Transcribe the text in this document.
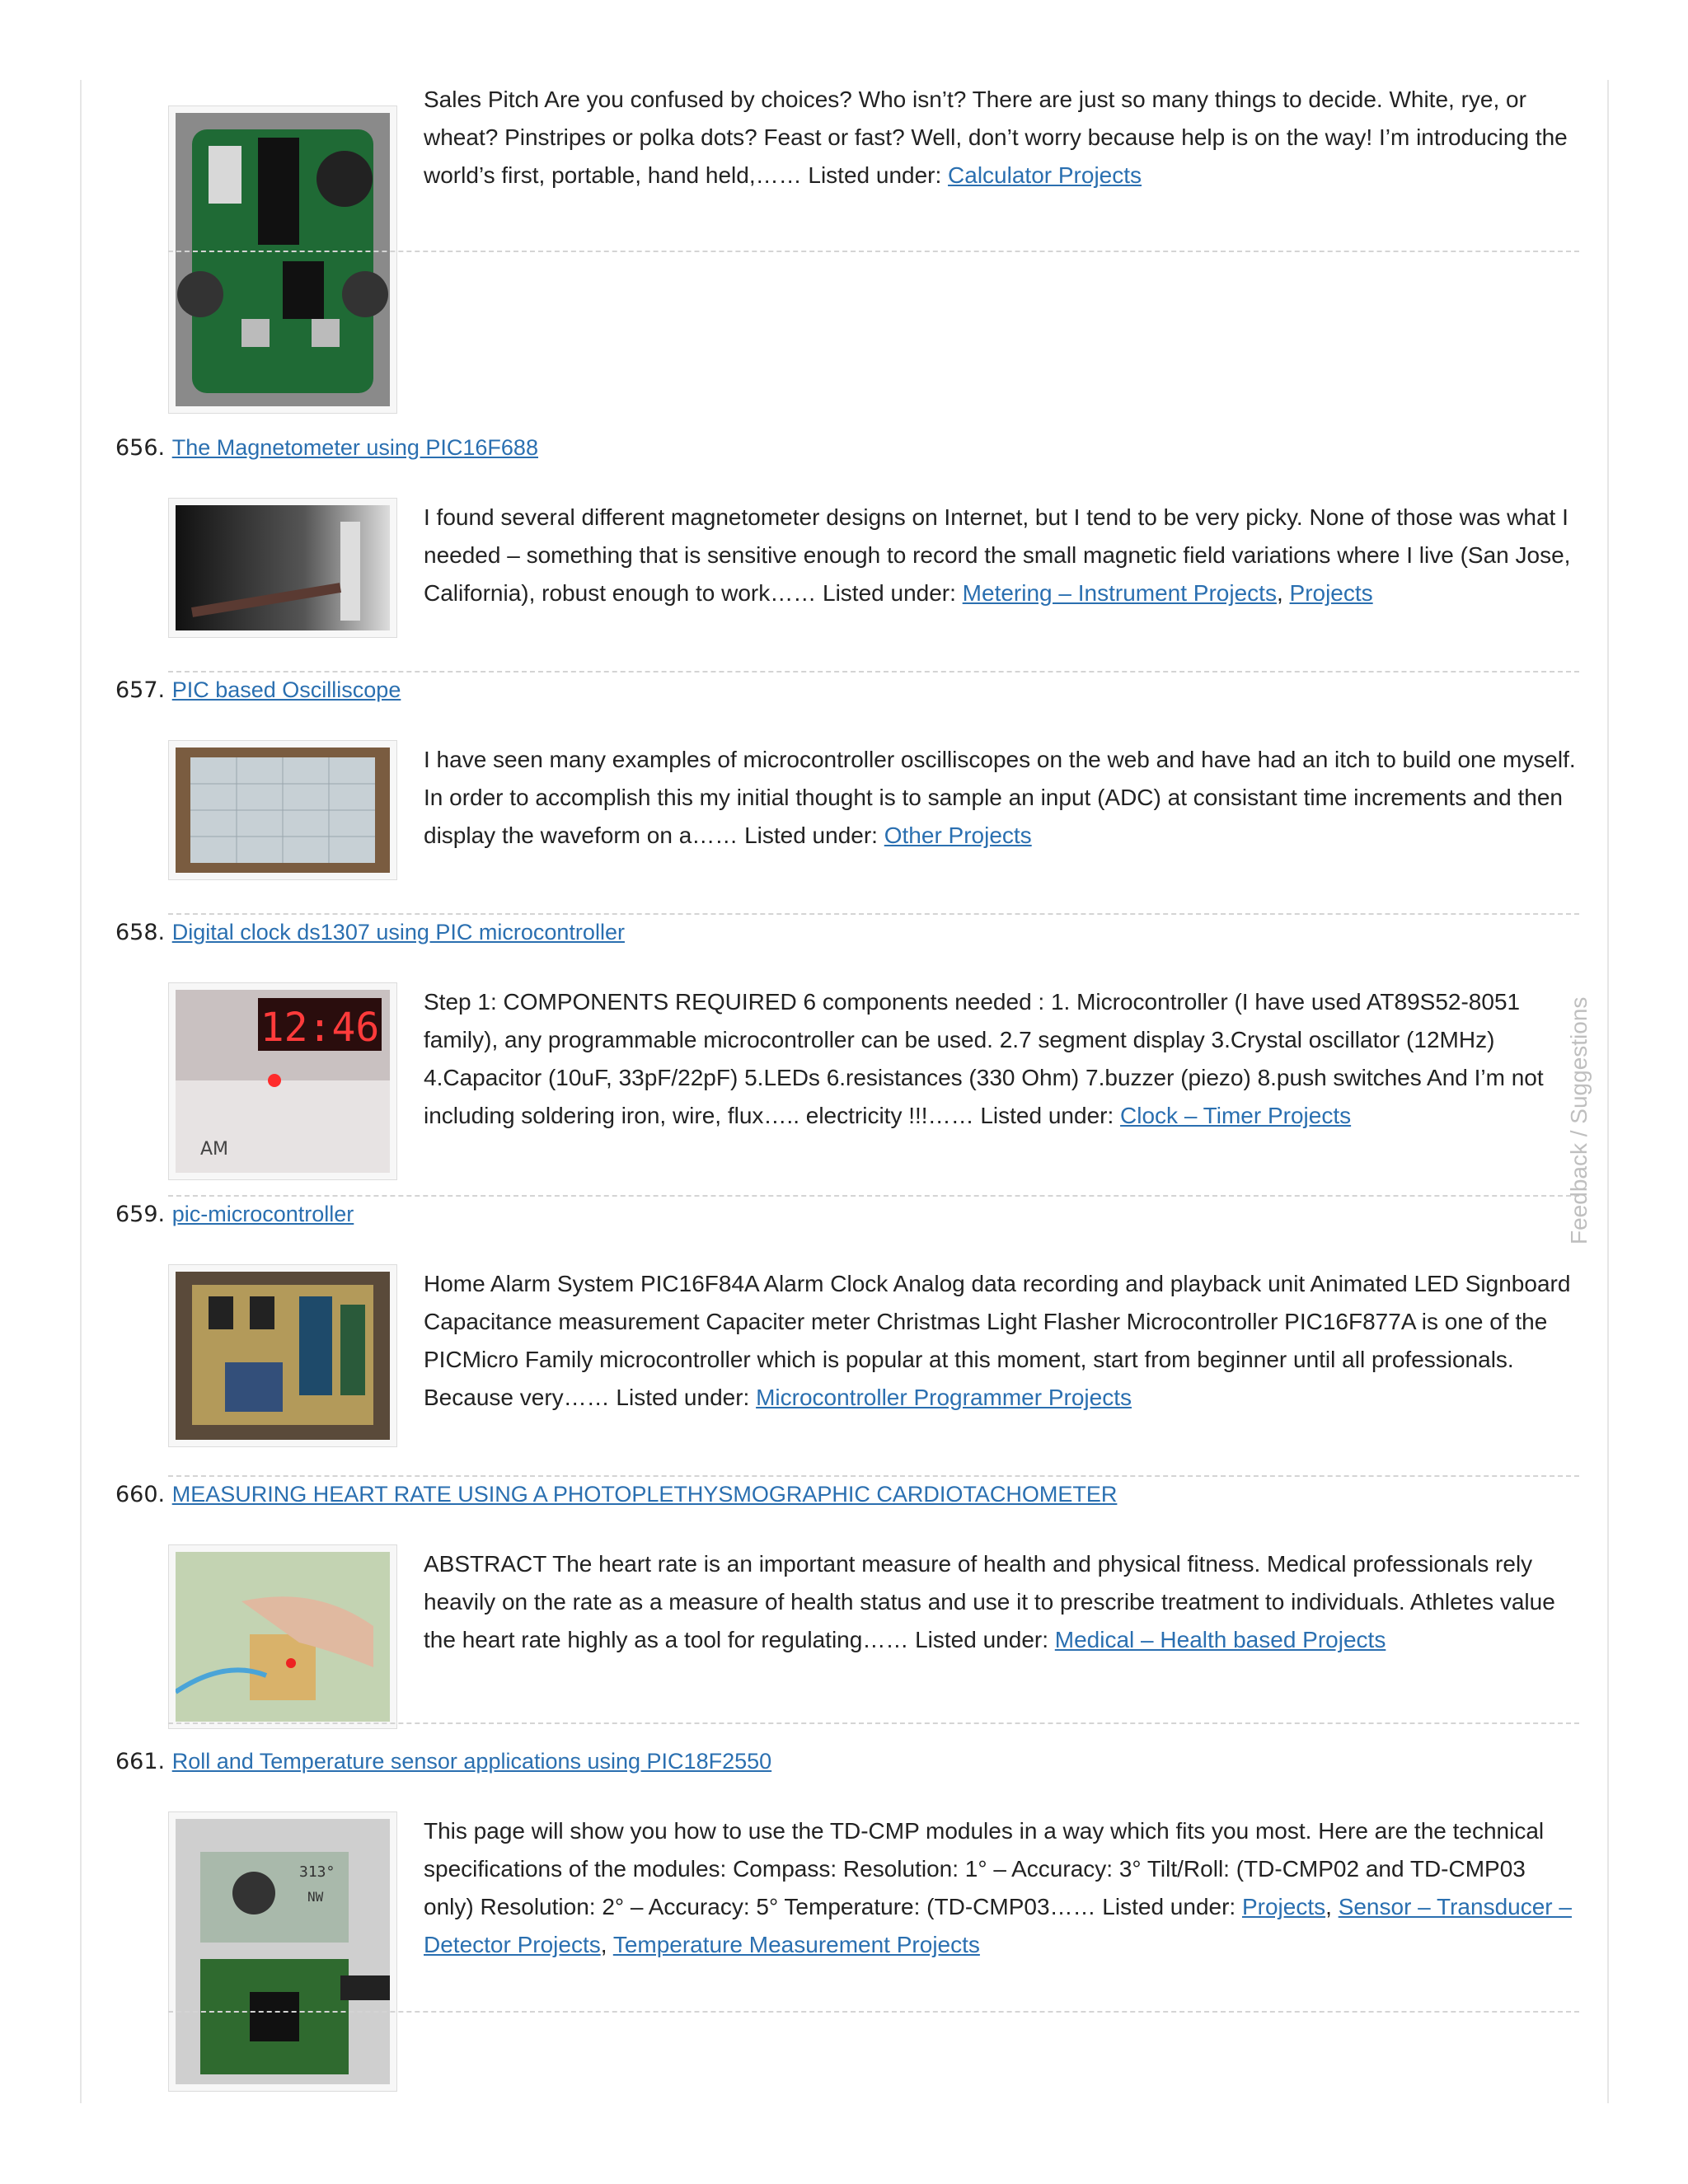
Sales Pitch Are you confused by choices? Who isn’t? There are just so many things to decide. White, rye, or wheat? Pinstripes or polka dots? Feast or fast? Well, don’t worry because help is on the way! I’m introducing the world’s first, portable, hand held,…… Listed under: Calculator Projects
656. The Magnetometer using PIC16F688
I found several different magnetometer designs on Internet, but I tend to be very picky. None of those was what I needed – something that is sensitive enough to record the small magnetic field variations where I live (San Jose, California), robust enough to work…… Listed under: Metering – Instrument Projects, Projects
657. PIC based Oscilliscope
I have seen many examples of microcontroller oscilliscopes on the web and have had an itch to build one myself. In order to accomplish this my initial thought is to sample an input (ADC) at consistant time increments and then display the waveform on a…… Listed under: Other Projects
658. Digital clock ds1307 using PIC microcontroller
12:46
AM
Step 1: COMPONENTS REQUIRED 6 components needed : 1. Microcontroller (I have used AT89S52-8051 family), any programmable microcontroller can be used. 2.7 segment display 3.Crystal oscillator (12MHz) 4.Capacitor (10uF, 33pF/22pF) 5.LEDs 6.resistances (330 Ohm) 7.buzzer (piezo) 8.push switches And I’m not including soldering iron, wire, flux….. electricity !!!…… Listed under: Clock – Timer Projects
659. pic-microcontroller
Home Alarm System PIC16F84A Alarm Clock Analog data recording and playback unit Animated LED Signboard Capacitance measurement Capaciter meter Christmas Light Flasher Microcontroller PIC16F877A is one of the PICMicro Family microcontroller which is popular at this moment, start from beginner until all professionals. Because very…… Listed under: Microcontroller Programmer Projects
660. MEASURING HEART RATE USING A PHOTOPLETHYSMOGRAPHIC CARDIOTACHOMETER
ABSTRACT The heart rate is an important measure of health and physical fitness. Medical professionals rely heavily on the rate as a measure of health status and use it to prescribe treatment to individuals. Athletes value the heart rate highly as a tool for regulating…… Listed under: Medical – Health based Projects
661. Roll and Temperature sensor applications using PIC18F2550
313°
NW
This page will show you how to use the TD-CMP modules in a way which fits you most. Here are the technical specifications of the modules: Compass: Resolution: 1° – Accuracy: 3° Tilt/Roll: (TD-CMP02 and TD-CMP03 only) Resolution: 2° – Accuracy: 5° Temperature: (TD-CMP03…… Listed under: Projects, Sensor – Transducer – Detector Projects, Temperature Measurement Projects
Feedback / Suggestions
